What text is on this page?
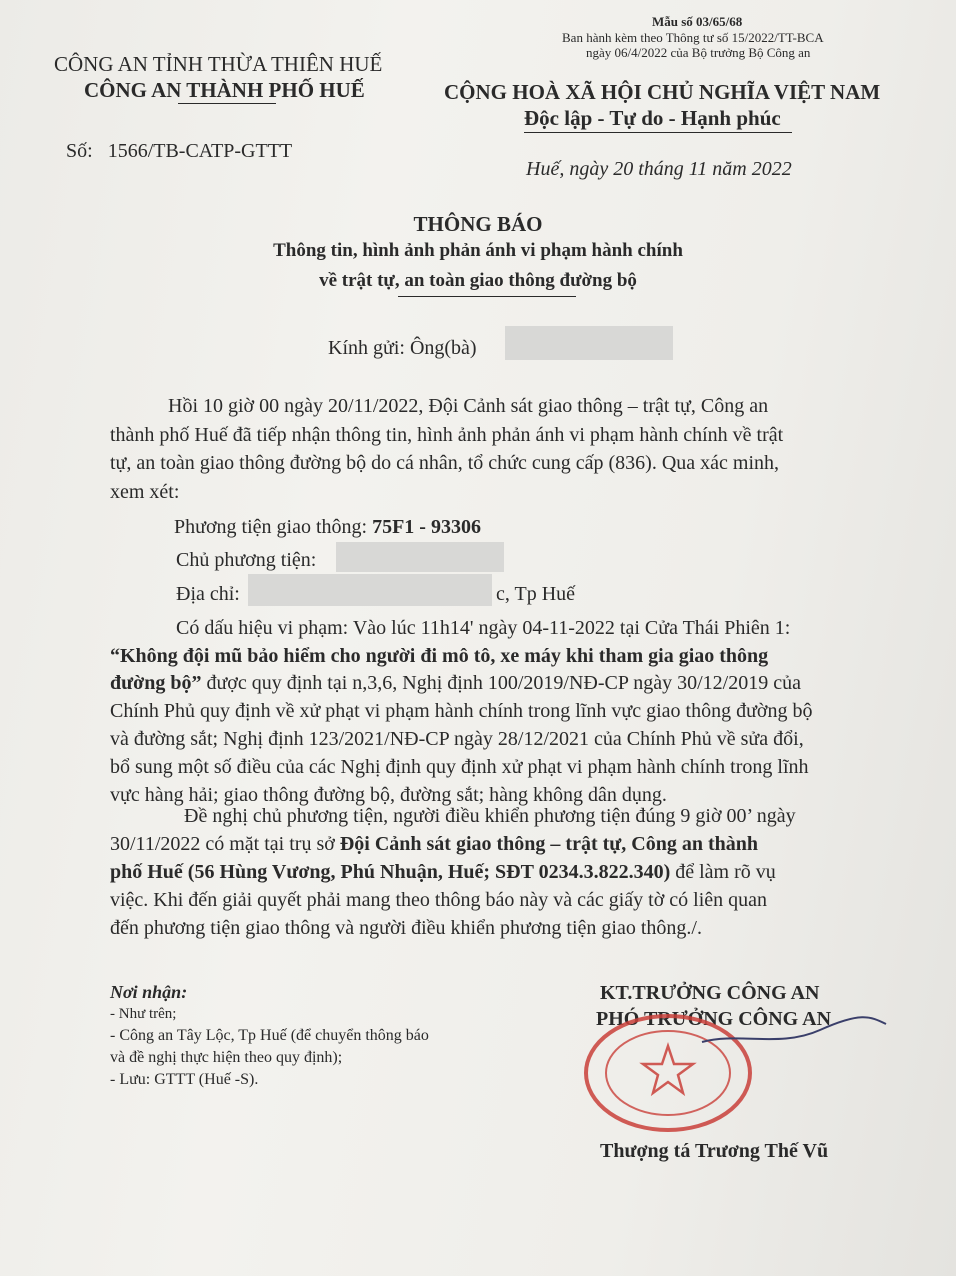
Mẫu số 03/65/68
Ban hành kèm theo Thông tư số 15/2022/TT-BCA
ngày 06/4/2022 của Bộ trưởng Bộ Công an
CÔNG AN TỈNH THỪA THIÊN HUẾ
CÔNG AN THÀNH PHỐ HUẾ
Số: 1566/TB-CATP-GTTT
CỘNG HOÀ XÃ HỘI CHỦ NGHĨA VIỆT NAM
Độc lập - Tự do - Hạnh phúc
Huế, ngày 20 tháng 11 năm 2022
THÔNG BÁO
Thông tin, hình ảnh phản ánh vi phạm hành chính
về trật tự, an toàn giao thông đường bộ
Kính gửi: Ông(bà)
Hồi 10 giờ 00 ngày 20/11/2022, Đội Cảnh sát giao thông – trật tự, Công an
thành phố Huế đã tiếp nhận thông tin, hình ảnh phản ánh vi phạm hành chính về trật
tự, an toàn giao thông đường bộ do cá nhân, tổ chức cung cấp (836). Qua xác minh,
xem xét:
Phương tiện giao thông: 75F1 - 93306
Chủ phương tiện:
Địa chỉ:	c, Tp Huế
Có dấu hiệu vi phạm: Vào lúc 11h14' ngày 04-11-2022 tại Cửa Thái Phiên 1:
“Không đội mũ bảo hiểm cho người đi mô tô, xe máy khi tham gia giao thông
đường bộ” được quy định tại n,3,6, Nghị định 100/2019/NĐ-CP ngày 30/12/2019 của
Chính Phủ quy định về xử phạt vi phạm hành chính trong lĩnh vực giao thông đường bộ
và đường sắt; Nghị định 123/2021/NĐ-CP ngày 28/12/2021 của Chính Phủ về sửa đổi,
bổ sung một số điều của các Nghị định quy định xử phạt vi phạm hành chính trong lĩnh
vực hàng hải; giao thông đường bộ, đường sắt; hàng không dân dụng.
Đề nghị chủ phương tiện, người điều khiển phương tiện đúng 9 giờ 00’ ngày
30/11/2022 có mặt tại trụ sở Đội Cảnh sát giao thông – trật tự, Công an thành
phố Huế (56 Hùng Vương, Phú Nhuận, Huế; SĐT 0234.3.822.340) để làm rõ vụ
việc. Khi đến giải quyết phải mang theo thông báo này và các giấy tờ có liên quan
đến phương tiện giao thông và người điều khiển phương tiện giao thông./.
Nơi nhận:
- Như trên;
- Công an Tây Lộc, Tp Huế (để chuyển thông báo
và đề nghị thực hiện theo quy định);
- Lưu: GTTT (Huế -S).
KT.TRƯỞNG CÔNG AN
PHÓ TRƯỞNG CÔNG AN
Thượng tá Trương Thế Vũ
